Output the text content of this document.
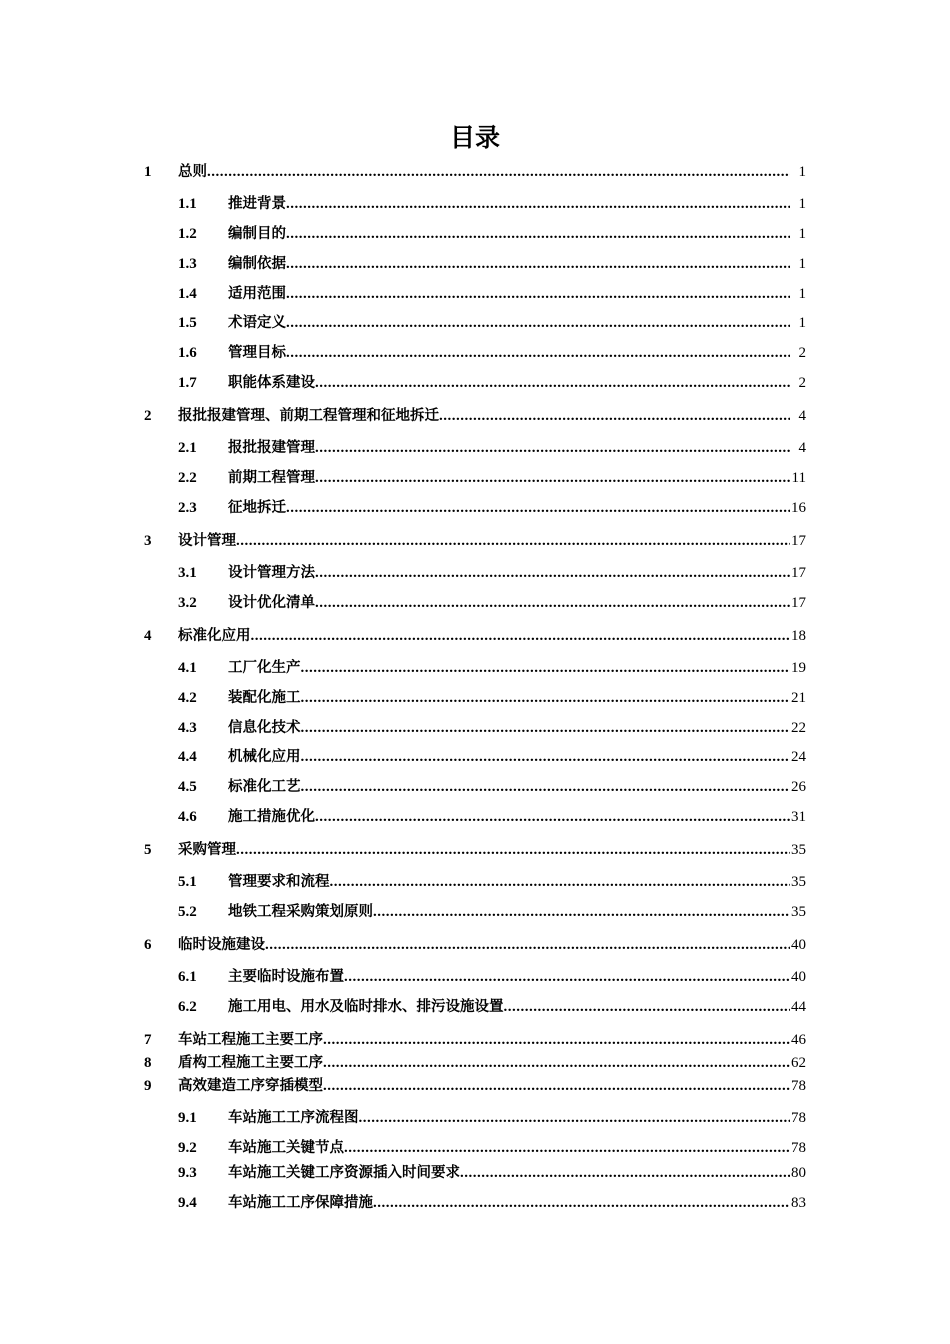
目录
1 总则 .....	1
1.1 推进背景 .....	1
1.2 编制目的 .....	1
1.3 编制依据 .....	1
1.4 适用范围 .....	1
1.5 术语定义 .....	1
1.6 管理目标 .....	2
1.7 职能体系建设 .....	2
2 报批报建管理、前期工程管理和征地拆迁 .....	4
2.1 报批报建管理 .....	4
2.2 前期工程管理 .....	11
2.3 征地拆迁 .....	16
3 设计管理 .....	17
3.1 设计管理方法 .....	17
3.2 设计优化清单 .....	17
4 标准化应用 .....	18
4.1 工厂化生产 .....	19
4.2 装配化施工 .....	21
4.3 信息化技术 .....	22
4.4 机械化应用 .....	24
4.5 标准化工艺 .....	26
4.6 施工措施优化 .....	31
5 采购管理 .....	35
5.1 管理要求和流程 .....	35
5.2 地铁工程采购策划原则 .....	35
6 临时设施建设 .....	40
6.1 主要临时设施布置 .....	40
6.2 施工用电、用水及临时排水、排污设施设置 .....	44
7 车站工程施工主要工序 .....	46
8 盾构工程施工主要工序 .....	62
9 高效建造工序穿插模型 .....	78
9.1 车站施工工序流程图 .....	78
9.2 车站施工关键节点 .....	78
9.3 车站施工关键工序资源插入时间要求 .....	80
9.4 车站施工工序保障措施 .....	83
